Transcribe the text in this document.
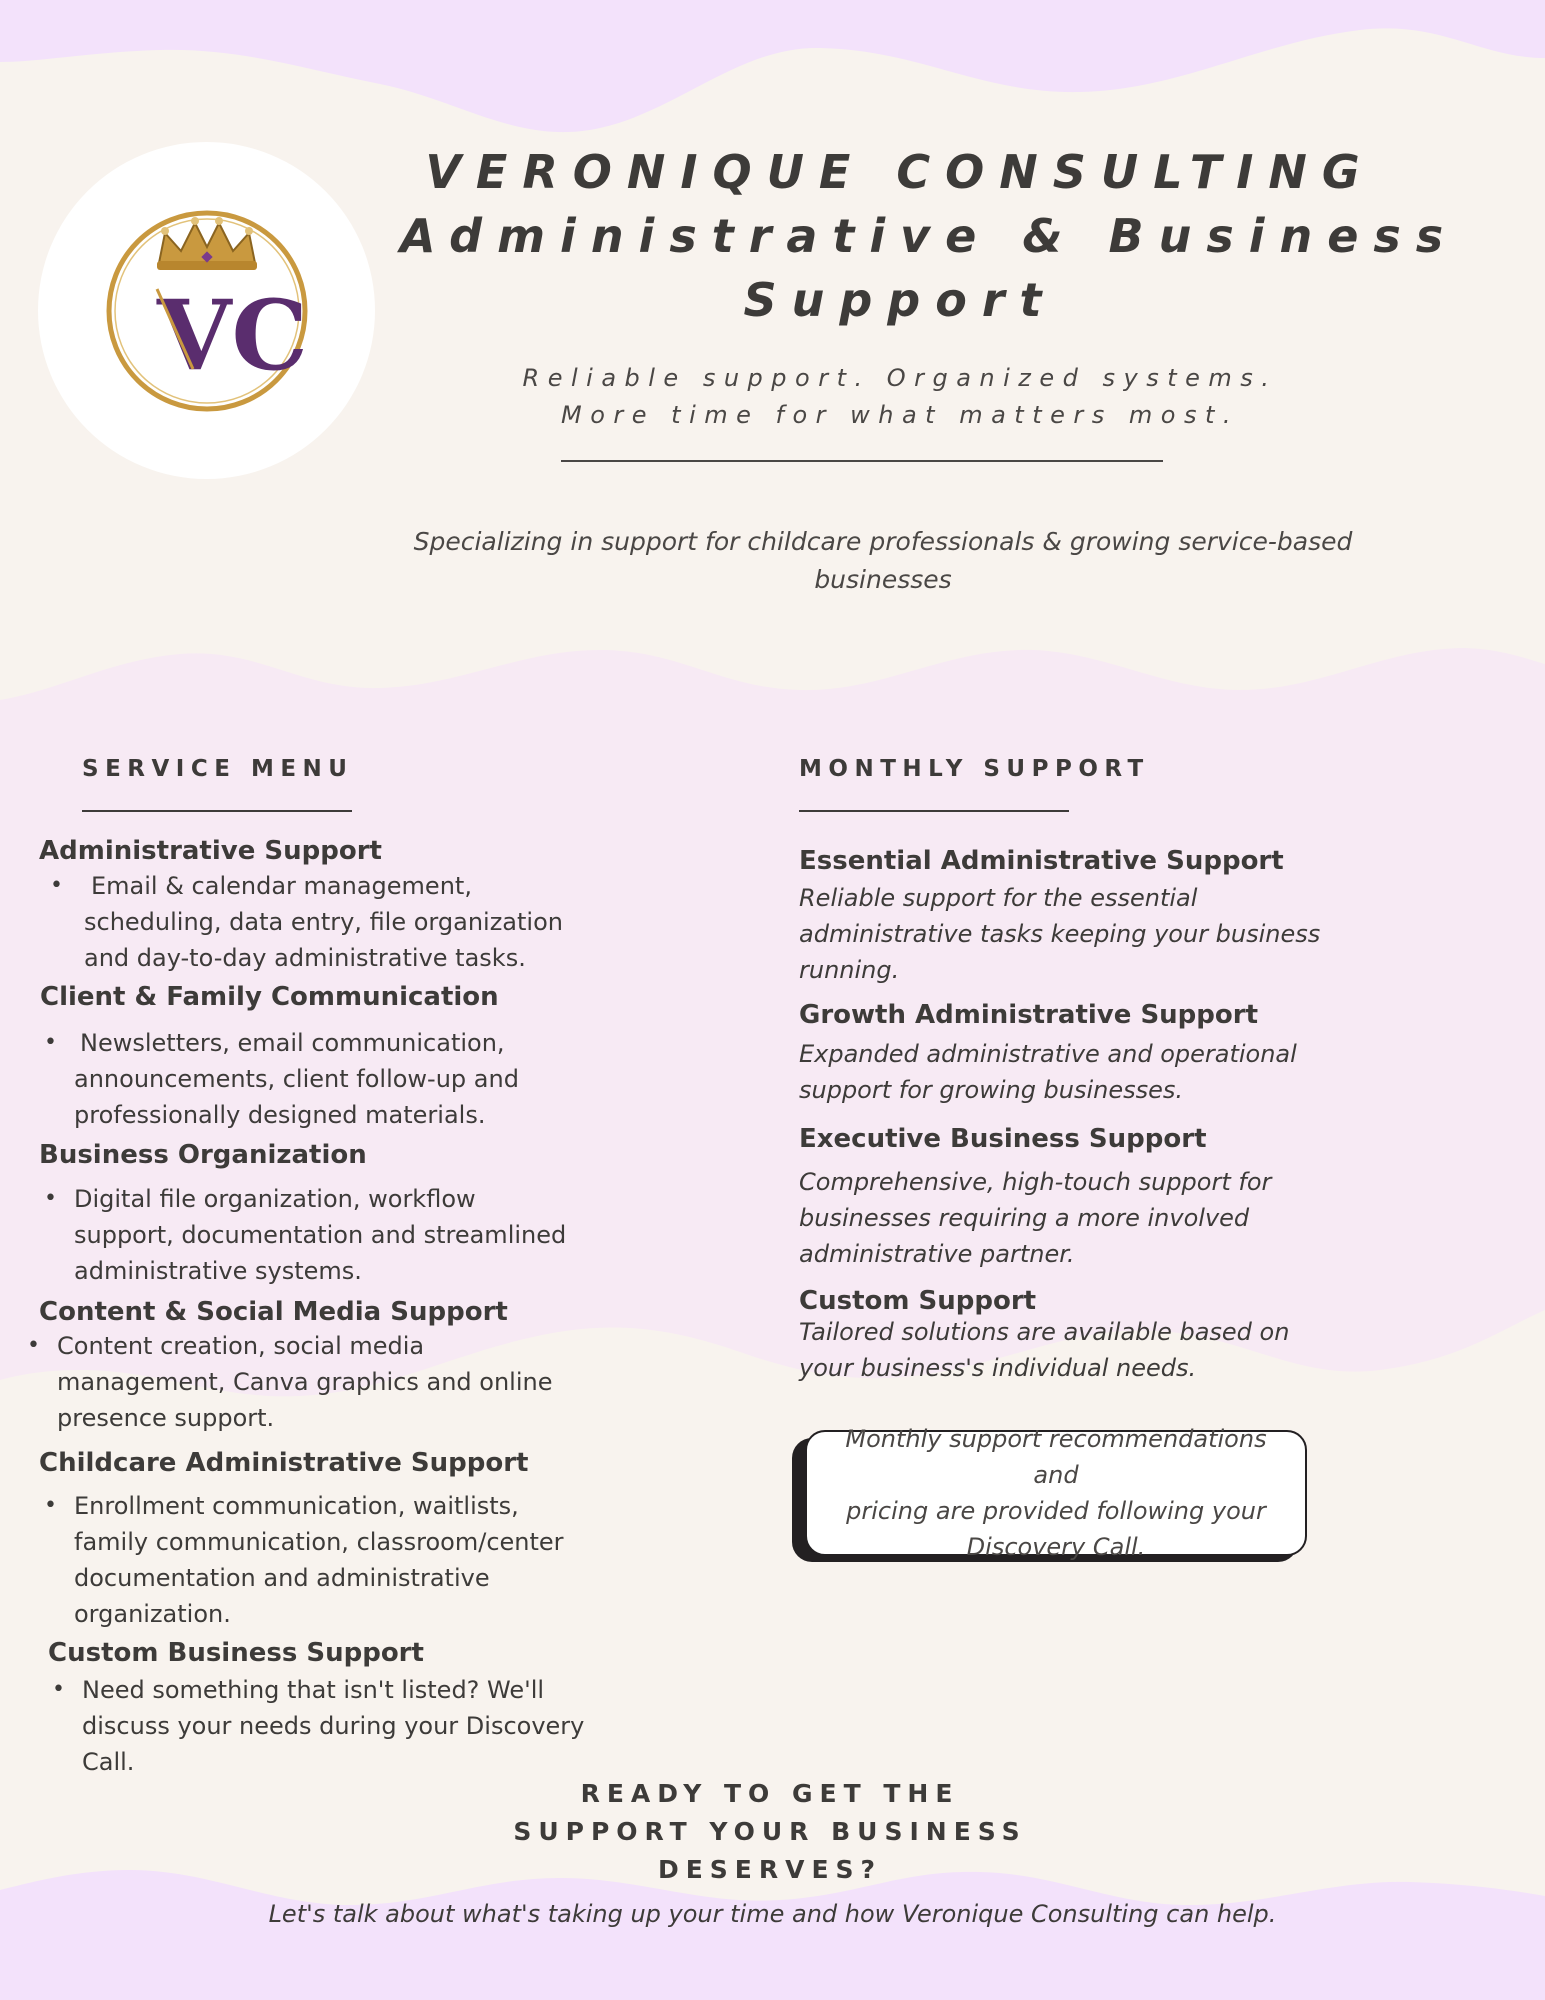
VC
VERONIQUE CONSULTING
Administrative & Business
Support
Reliable support. Organized systems.
More time for what matters most.
Specializing in support for childcare professionals & growing service-based
businesses
SERVICE MENU
Administrative Support
• Email & calendar management,
scheduling, data entry, file organization
and day-to-day administrative tasks.
Client & Family Communication
• Newsletters, email communication,
announcements, client follow-up and
professionally designed materials.
Business Organization
• Digital file organization, workflow
support, documentation and streamlined
administrative systems.
Content & Social Media Support
• Content creation, social media
management, Canva graphics and online
presence support.
Childcare Administrative Support
• Enrollment communication, waitlists,
family communication, classroom/center
documentation and administrative
organization.
Custom Business Support
• Need something that isn't listed? We'll
discuss your needs during your Discovery
Call.
MONTHLY SUPPORT
Essential Administrative Support
Reliable support for the essential
administrative tasks keeping your business
running.
Growth Administrative Support
Expanded administrative and operational
support for growing businesses.
Executive Business Support
Comprehensive, high-touch support for
businesses requiring a more involved
administrative partner.
Custom Support
Tailored solutions are available based on
your business's individual needs.
Monthly support recommendations and
pricing are provided following your
Discovery Call.
READY TO GET THE
SUPPORT YOUR BUSINESS
DESERVES?
Let's talk about what's taking up your time and how Veronique Consulting can help.
